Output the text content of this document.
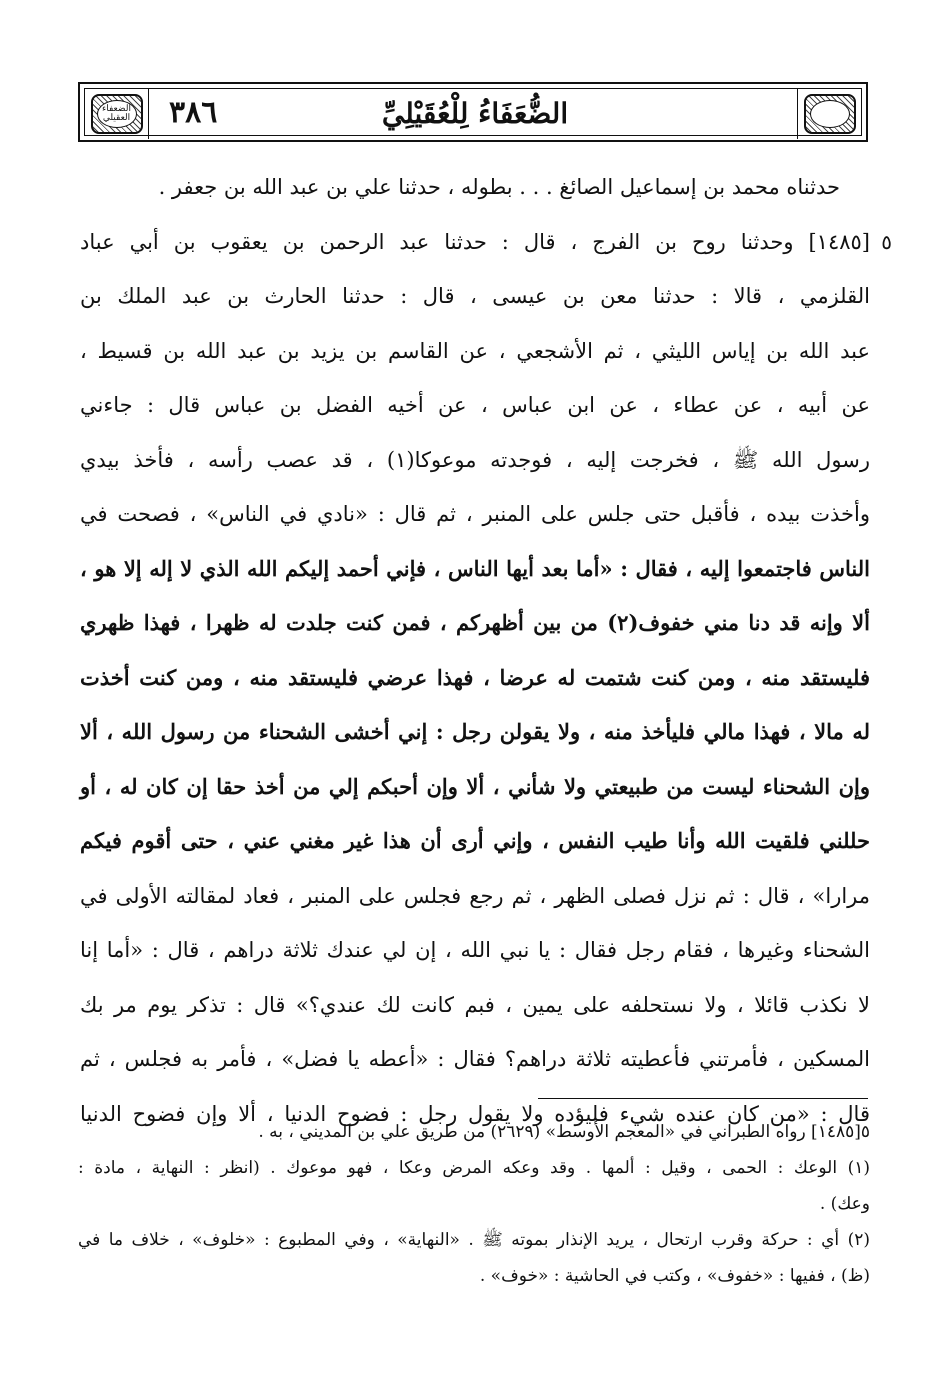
الضعفاء العقيلي ٣٨٦	الضُّعَفَاءُ لِلْعُقَيْلِيِّ
حدثناه محمد بن إسماعيل الصائغ . . . بطوله ، حدثنا علي بن عبد الله بن جعفر .
٥
[١٤٨٥] وحدثنا روح بن الفرج ، قال : حدثنا عبد الرحمن بن يعقوب بن أبي عباد
القلزمي ، قالا : حدثنا معن بن عيسى ، قال : حدثنا الحارث بن عبد الملك بن
عبد الله بن إياس الليثي ، ثم الأشجعي ، عن القاسم بن يزيد بن عبد الله بن قسيط ،
عن أبيه ، عن عطاء ، عن ابن عباس ، عن أخيه الفضل بن عباس قال : جاءني
رسول الله ﷺ ، فخرجت إليه ، فوجدته موعوكا(١) ، قد عصب رأسه ، فأخذ بيدي
وأخذت بيده ، فأقبل حتى جلس على المنبر ، ثم قال : «نادي في الناس» ، فصحت في
الناس فاجتمعوا إليه ، فقال : «أما بعد أيها الناس ، فإني أحمد إليكم الله الذي لا إله إلا هو ،
ألا وإنه قد دنا مني خفوف(٢) من بين أظهركم ، فمن كنت جلدت له ظهرا ، فهذا ظهري
فليستقد منه ، ومن كنت شتمت له عرضا ، فهذا عرضي فليستقد منه ، ومن كنت أخذت
له مالا ، فهذا مالي فليأخذ منه ، ولا يقولن رجل : إني أخشى الشحناء من رسول الله ، ألا
وإن الشحناء ليست من طبيعتي ولا شأني ، ألا وإن أحبكم إلي من أخذ حقا إن كان له ، أو
حللني فلقيت الله وأنا طيب النفس ، وإني أرى أن هذا غير مغني عني ، حتى أقوم فيكم
مرارا» ، قال : ثم نزل فصلى الظهر ، ثم رجع فجلس على المنبر ، فعاد لمقالته الأولى في
الشحناء وغيرها ، فقام رجل فقال : يا نبي الله ، إن لي عندك ثلاثة دراهم ، قال : «أما إنا
لا نكذب قائلا ، ولا نستحلفه على يمين ، فبم كانت لك عندي؟» قال : تذكر يوم مر بك
المسكين ، فأمرتني فأعطيته ثلاثة دراهم؟ فقال : «أعطه يا فضل» ، فأمر به فجلس ، ثم
قال : «من كان عنده شيء فليؤده ولا يقول رجل : فضوح الدنيا ، ألا وإن فضوح الدنيا
٥[١٤٨٥] رواه الطبراني في «المعجم الأوسط» (٢٦٢٩) من طريق علي بن المديني ، به .
(١) الوعك : الحمى ، وقيل : ألمها . وقد وعكه المرض وعكا ، فهو موعوك . (انظر : النهاية ، مادة :
وعك) .
(٢) أي : حركة وقرب ارتحال ، يريد الإنذار بموته ﷺ . «النهاية» ، وفي المطبوع : «خلوف» ، خلاف ما في
(ظ) ، ففيها : «خفوف» ، وكتب في الحاشية : «خوف» .
